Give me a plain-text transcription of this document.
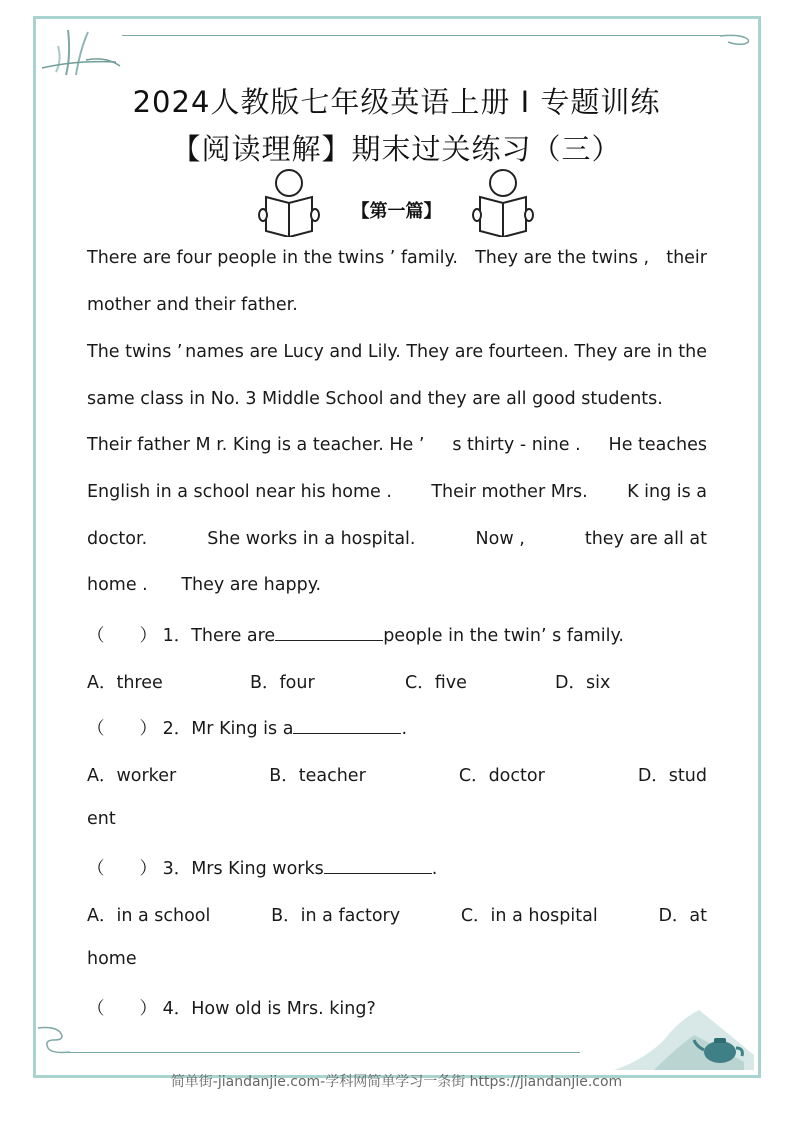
2024人教版七年级英语上册 I 专题训练
【阅读理解】期末过关练习（三）
【第一篇】
There are four people in the twins ’ family. They are the twins , their
mother and their father.
The twins ’ names are Lucy and Lily. They are fourteen. They are in the
same class in No. 3 Middle School and they are all good students.
Their father M r. King is a teacher. He ’ s thirty - nine . He teaches
English in a school near his home . Their mother Mrs. K ing is a
doctor.	She works in a hospital.	Now ,	they are all at
home . They are happy.
（　　） 1．There are	people in the twin’ s family.
A．three	B．four	C．five	D．six
（　　） 2．Mr King is a	.
A．worker	B．teacher	C．doctor	D．stud
ent
（　　） 3．Mrs King works	.
A．in a school	B．in a factory	C．in a hospital	D．at
home
（　　） 4．How old is Mrs. king?
简单街-jiandanjie.com-学科网简单学习一条街 https://jiandanjie.com
